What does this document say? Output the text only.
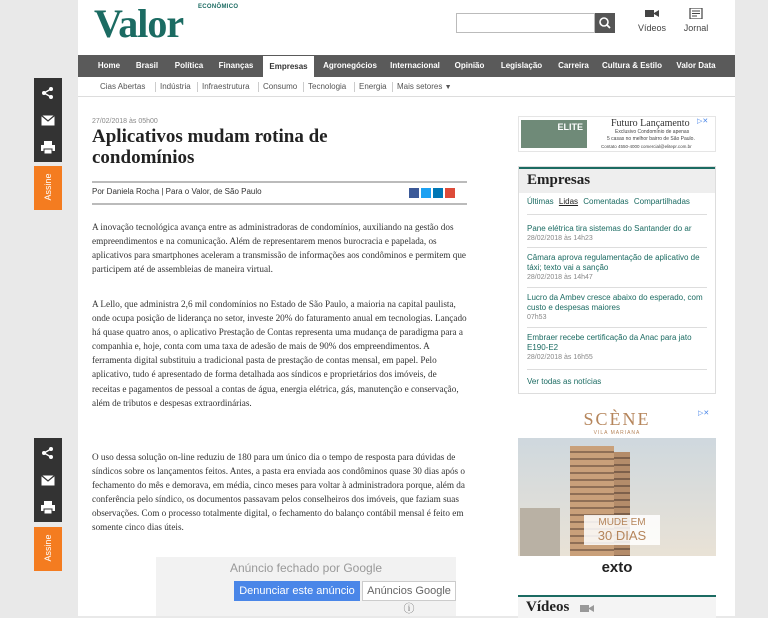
Assine
Assine
Valor ECONÔMICO
Vídeos	Jornal
Home	Brasil	Política	Finanças	Empresas	Agronegócios	Internacional	Opinião	Legislação	Carreira	Cultura & Estilo	Valor Data
Cias Abertas Indústria Infraestrutura Consumo Tecnologia Energia Mais setores ▼
27/02/2018 às 05h00
Aplicativos mudam rotina de condomínios
Por Daniela Rocha | Para o Valor, de São Paulo

A inovação tecnológica avança entre as administradoras de condomínios, auxiliando na gestão dos empreendimentos e na comunicação. Além de representarem menos burocracia e papelada, os aplicativos para smartphones aceleram a transmissão de informações aos condôminos e permitem que participem até de assembleias de maneira virtual.

A Lello, que administra 2,6 mil condomínios no Estado de São Paulo, a maioria na capital paulista, onde ocupa posição de liderança no setor, investe 20% do faturamento anual em tecnologias. Lançado há quase quatro anos, o aplicativo Prestação de Contas representa uma mudança de paradigma para a companhia e, hoje, conta com uma taxa de adesão de mais de 90% dos empreendimentos. A ferramenta digital substituiu a tradicional pasta de prestação de contas mensal, em papel. Pelo aplicativo, tudo é apresentado de forma detalhada aos síndicos e proprietários dos imóveis, de receitas e pagamentos de pessoal a contas de água, energia elétrica, gás, manutenção e conservação, além de tributos e despesas extraordinárias.

O uso dessa solução on-line reduziu de 180 para um único dia o tempo de resposta para dúvidas de síndicos sobre os lançamentos feitos. Antes, a pasta era enviada aos condôminos quase 30 dias após o fechamento do mês e demorava, em média, cinco meses para voltar à administradora porque, além da conferência pelo síndico, os documentos passavam pelos conselheiros dos imóveis, que faziam suas observações. Com o processo totalmente digital, o fechamento do balanço contábil mensal é feito em somente cinco dias úteis.

Anúncio fechado por Google
Denunciar este anúncio	Anúncios Google ⓘ
ELITE	Futuro Lançamento
Exclusivo Condomínio de apenas
5 casas no melhor bairro de São Paulo.
Contato 4550-4000 comercial@elitepr.com.br
▷✕
Empresas
Últimas Lidas Comentadas Compartilhadas

Pane elétrica tira sistemas do Santander do ar

28/02/2018 às 14h23

Câmara aprova regulamentação de aplicativo de táxi; texto vai a sanção

28/02/2018 às 14h47

Lucro da Ambev cresce abaixo do esperado, com custo e despesas maiores

07h53

Embraer recebe certificação da Anac para jato E190-E2

28/02/2018 às 16h55

Ver todas as notícias
▷✕
SCÈNE
VILA MARIANA
MUDE EM
30 DIAS
exto
Vídeos
